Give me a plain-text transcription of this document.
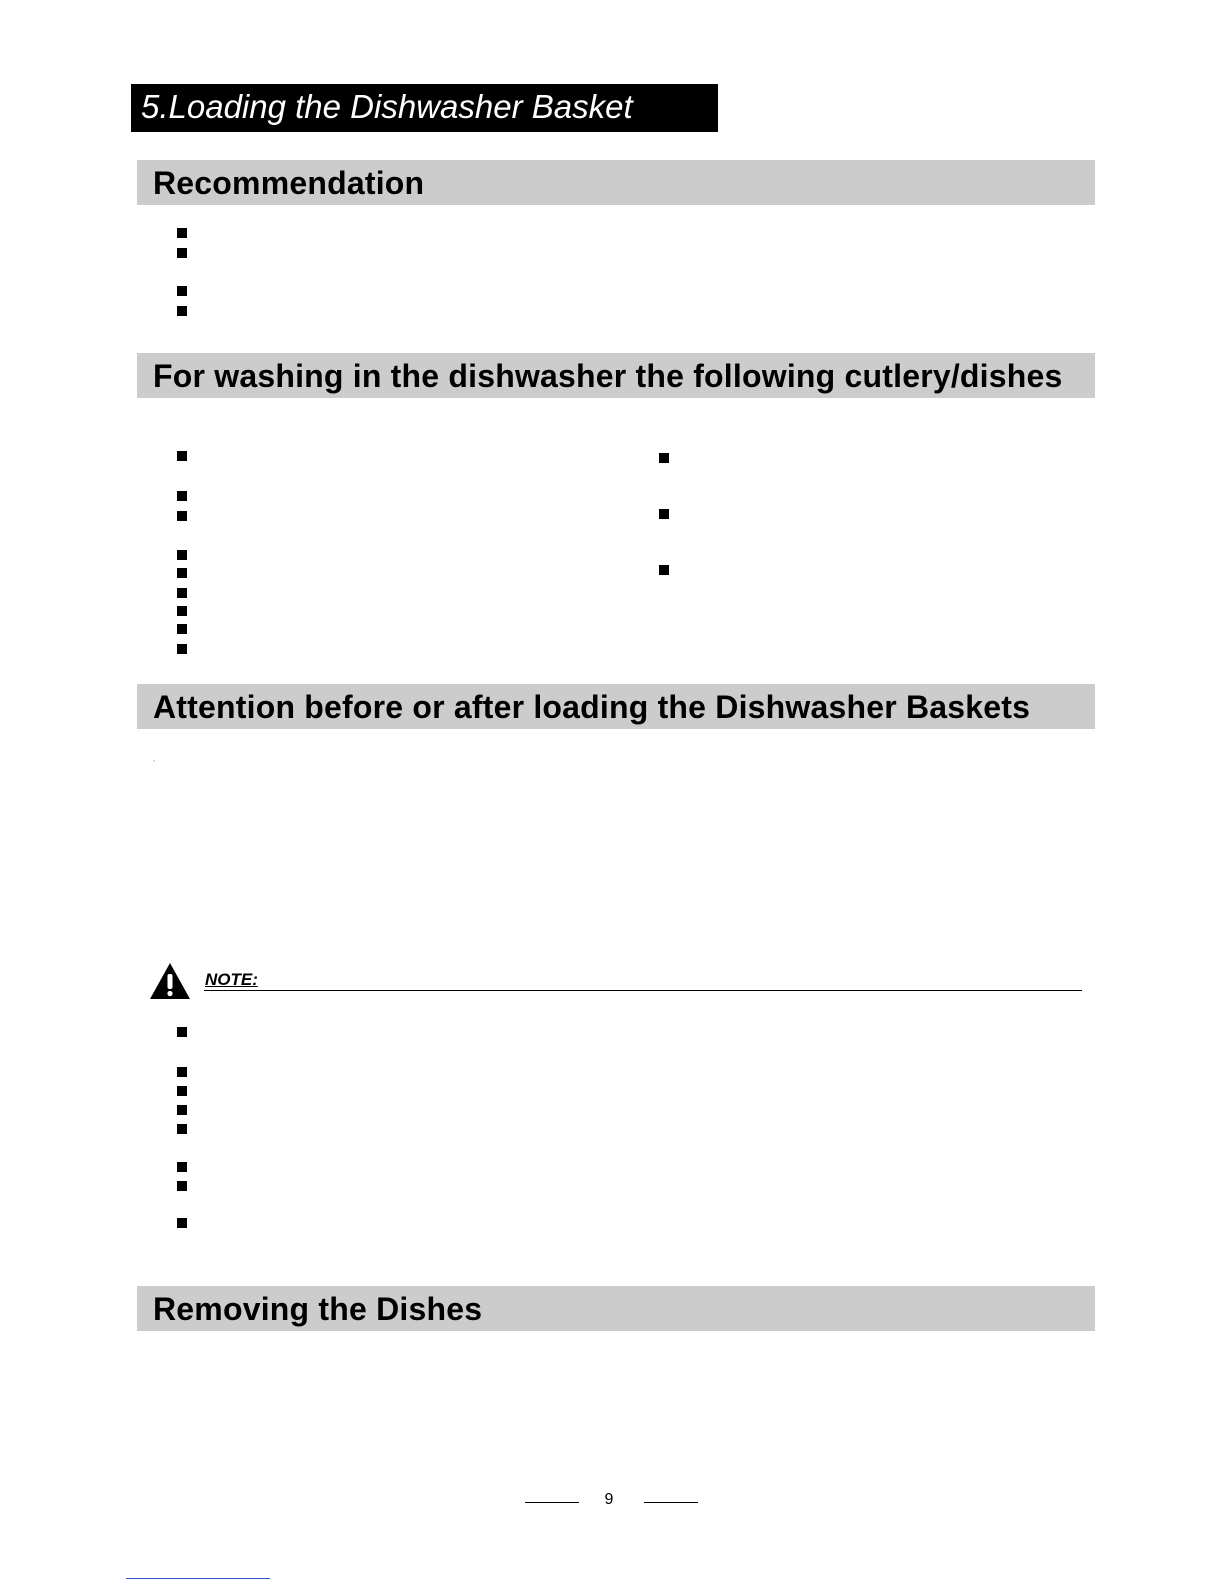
5.Loading the Dishwasher Basket
Recommendation
For washing in the dishwasher the following cutlery/dishes
Attention before or after loading the Dishwasher Baskets
NOTE:
Removing the Dishes
9
